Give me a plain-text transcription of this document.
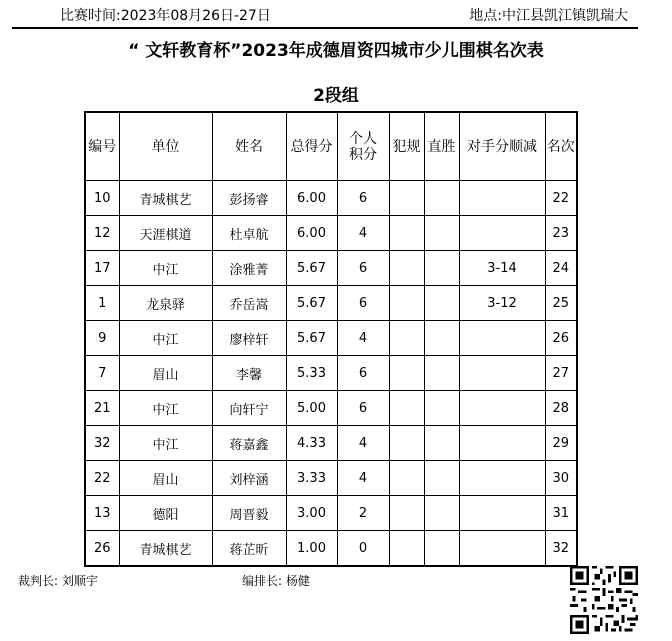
比赛时间:2023年08月26日-27日	地点:中江县凯江镇凯瑞大
“ 文轩教育杯”2023年成德眉资四城市少儿围棋名次表
2段组
编号	单位	姓名	总得分	个人积分	犯规	直胜	对手分顺减	名次
10	青城棋艺	彭扬睿	6.00	6				22
12	天涯棋道	杜卓航	6.00	4				23
17	中江	涂雅菁	5.67	6			3-14	24
1	龙泉驿	乔岳嵩	5.67	6			3-12	25
9	中江	廖梓轩	5.67	4				26
7	眉山	李馨	5.33	6				27
21	中江	向轩宁	5.00	6				28
32	中江	蒋嘉鑫	4.33	4				29
22	眉山	刘梓涵	3.33	4				30
13	德阳	周晋毅	3.00	2				31
26	青城棋艺	蒋芷昕	1.00	0				32
裁判长: 刘顺宇	编排长: 杨健
